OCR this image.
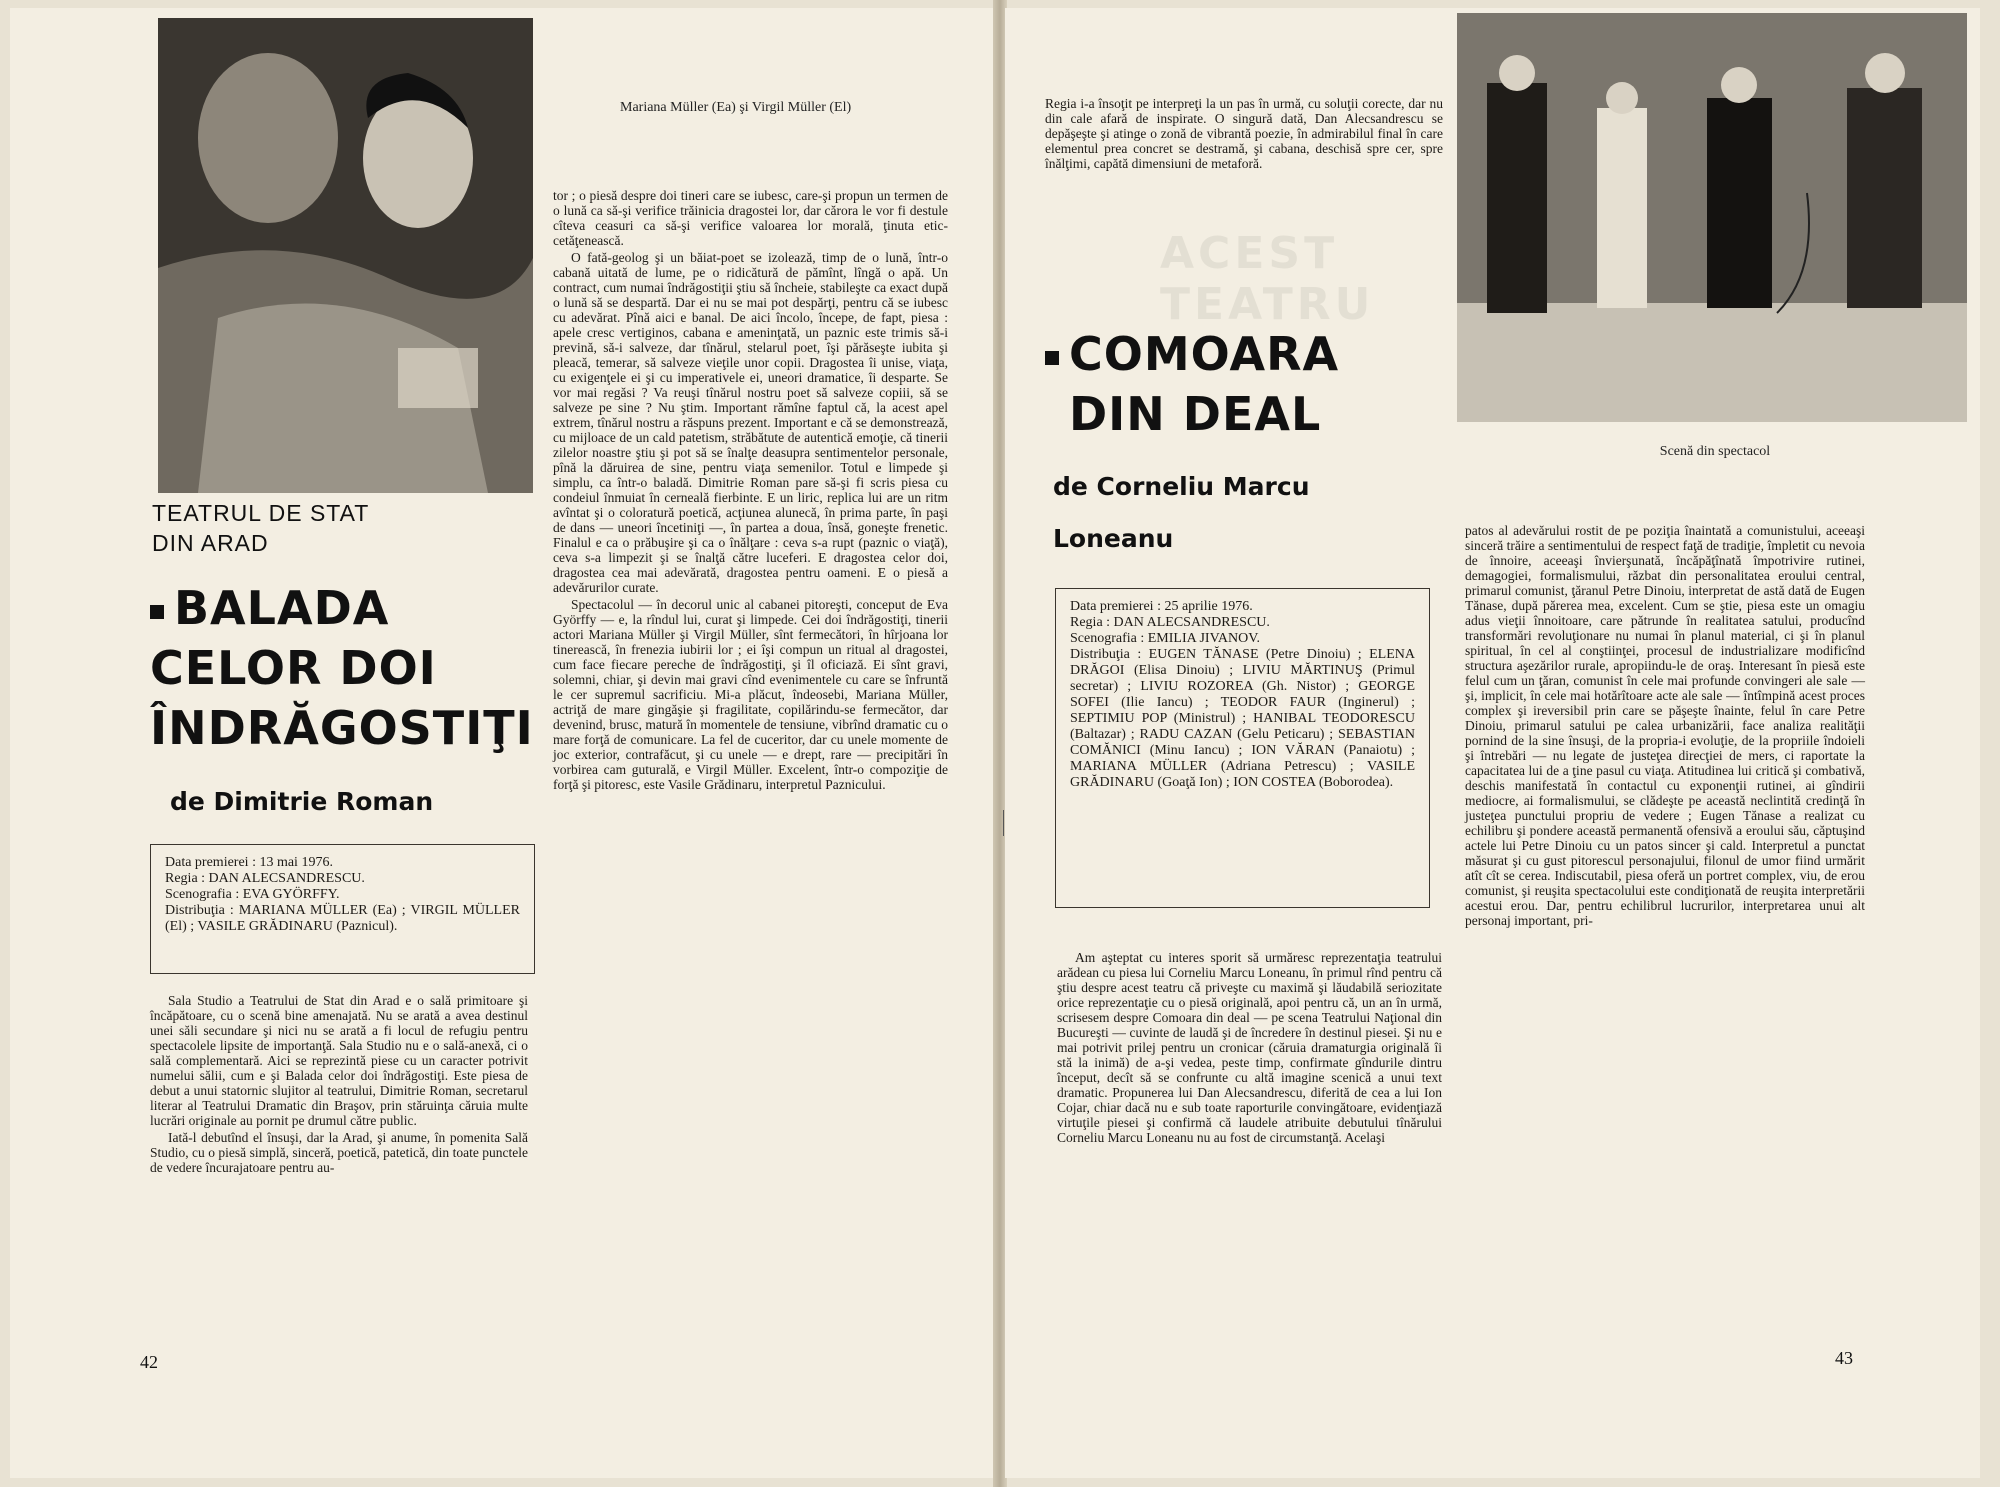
TEATRUL DE STAT DIN ARAD
BALADA
CELOR DOI
ÎNDRĂGOSTIŢI
de Dimitrie Roman
Mariana Müller (Ea) şi Virgil Müller (El)

Data premierei : 13 mai 1976.

Regia : DAN ALECSANDRESCU.

Scenografia : EVA GYÖRFFY.

Distribuţia : MARIANA MÜLLER (Ea) ; VIRGIL MÜLLER (El) ; VASILE GRĂDINARU (Paznicul).

Sala Studio a Teatrului de Stat din Arad e o sală primitoare şi încăpătoare, cu o scenă bine amenajată. Nu se arată a avea destinul unei săli secundare şi nici nu se arată a fi locul de refugiu pentru spectacolele lipsite de importanţă. Sala Studio nu e o sală-anexă, ci o sală complementară. Aici se reprezintă piese cu un caracter potrivit numelui sălii, cum e şi Balada celor doi îndrăgostiţi. Este piesa de debut a unui statornic slujitor al teatrului, Dimitrie Roman, secretarul literar al Teatrului Dramatic din Braşov, prin stăruinţa căruia multe lucrări originale au pornit pe drumul către public.

Iată-l debutînd el însuşi, dar la Arad, şi anume, în pomenita Sală Studio, cu o piesă simplă, sinceră, poetică, patetică, din toate punctele de vedere încurajatoare pentru au-

tor ; o piesă despre doi tineri care se iubesc, care-şi propun un termen de o lună ca să-şi verifice trăinicia dragostei lor, dar cărora le vor fi destule cîteva ceasuri ca să-şi verifice valoarea lor morală, ţinuta etic-cetăţenească.

O fată-geolog şi un băiat-poet se izolează, timp de o lună, într-o cabană uitată de lume, pe o ridicătură de pămînt, lîngă o apă. Un contract, cum numai îndrăgostiţii ştiu să încheie, stabileşte ca exact după o lună să se despartă. Dar ei nu se mai pot despărţi, pentru că se iubesc cu adevărat. Pînă aici e banal. De aici încolo, începe, de fapt, piesa : apele cresc vertiginos, cabana e ameninţată, un paznic este trimis să-i prevină, să-i salveze, dar tînărul, stelarul poet, îşi părăseşte iubita şi pleacă, temerar, să salveze vieţile unor copii. Dragostea îi unise, viaţa, cu exigenţele ei şi cu imperativele ei, uneori dramatice, îi desparte. Se vor mai regăsi ? Va reuşi tînărul nostru poet să salveze copiii, să se salveze pe sine ? Nu ştim. Important rămîne faptul că, la acest apel extrem, tînărul nostru a răspuns prezent. Important e că se demonstrează, cu mijloace de un cald patetism, străbătute de autentică emoţie, că tinerii zilelor noastre ştiu şi pot să se înalţe deasupra sentimentelor personale, pînă la dăruirea de sine, pentru viaţa semenilor. Totul e limpede şi simplu, ca într-o baladă. Dimitrie Roman pare să-şi fi scris piesa cu condeiul înmuiat în cerneală fierbinte. E un liric, replica lui are un ritm avîntat şi o coloratură poetică, acţiunea alunecă, în prima parte, în paşi de dans — uneori încetiniţi —, în partea a doua, însă, goneşte frenetic. Finalul e ca o prăbuşire şi ca o înălţare : ceva s-a rupt (paznic o viaţă), ceva s-a limpezit şi se înalţă către luceferi. E dragostea celor doi, dragostea cea mai adevărată, dragostea pentru oameni. E o piesă a adevărurilor curate.

Spectacolul — în decorul unic al cabanei pitoreşti, conceput de Eva Györffy — e, la rîndul lui, curat şi limpede. Cei doi îndrăgostiţi, tinerii actori Mariana Müller şi Virgil Müller, sînt fermecători, în hîrjoana lor tinerească, în frenezia iubirii lor ; ei îşi compun un ritual al dragostei, cum face fiecare pereche de îndrăgostiţi, şi îl oficiază. Ei sînt gravi, solemni, chiar, şi devin mai gravi cînd evenimentele cu care se înfruntă le cer supremul sacrificiu. Mi-a plăcut, îndeosebi, Mariana Müller, actriţă de mare gingăşie şi fragilitate, copilărindu-se fermecător, dar devenind, brusc, matură în momentele de tensiune, vibrînd dramatic cu o mare forţă de comunicare. La fel de cuceritor, dar cu unele momente de joc exterior, contrafăcut, şi cu unele — e drept, rare — precipitări în vorbirea cam guturală, e Virgil Müller. Excelent, într-o compoziţie de forţă şi pitoresc, este Vasile Grădinaru, interpretul Paznicului.

42

Regia i-a însoţit pe interpreţi la un pas în urmă, cu soluţii corecte, dar nu din cale afară de inspirate. O singură dată, Dan Alecsandrescu se depăşeşte şi atinge o zonă de vibrantă poezie, în admirabilul final în care elementul prea concret se destramă, şi cabana, deschisă spre cer, spre înălţimi, capătă dimensiuni de metaforă.

Scenă din spectacol
ACEST TEATRU
COMOARA
DIN DEAL
de Corneliu Marcu
Loneanu

Data premierei : 25 aprilie 1976.

Regia : DAN ALECSANDRESCU.

Scenografia : EMILIA JIVANOV.

Distribuţia : EUGEN TĂNASE (Petre Dinoiu) ; ELENA DRĂGOI (Elisa Dinoiu) ; LIVIU MĂRTINUŞ (Primul secretar) ; LIVIU ROZOREA (Gh. Nistor) ; GEORGE SOFEI (Ilie Iancu) ; TEODOR FAUR (Inginerul) ; SEPTIMIU POP (Ministrul) ; HANIBAL TEODORESCU (Baltazar) ; RADU CAZAN (Gelu Peticaru) ; SEBASTIAN COMĂNICI (Minu Iancu) ; ION VĂRAN (Panaiotu) ; MARIANA MÜLLER (Adriana Petrescu) ; VASILE GRĂDINARU (Goaţă Ion) ; ION COSTEA (Boborodea).

Am aşteptat cu interes sporit să urmăresc reprezentaţia teatrului arădean cu piesa lui Corneliu Marcu Loneanu, în primul rînd pentru că ştiu despre acest teatru că priveşte cu maximă şi lăudabilă seriozitate orice reprezentaţie cu o piesă originală, apoi pentru că, un an în urmă, scrisesem despre Comoara din deal — pe scena Teatrului Naţional din Bucureşti — cuvinte de laudă şi de încredere în destinul piesei. Şi nu e mai potrivit prilej pentru un cronicar (căruia dramaturgia originală îi stă la inimă) de a-şi vedea, peste timp, confirmate gîndurile dintru început, decît să se confrunte cu altă imagine scenică a unui text dramatic. Propunerea lui Dan Alecsandrescu, diferită de cea a lui Ion Cojar, chiar dacă nu e sub toate raporturile convingătoare, evidenţiază virtuţile piesei şi confirmă că laudele atribuite debutului tînărului Corneliu Marcu Loneanu nu au fost de circumstanţă. Acelaşi

patos al adevărului rostit de pe poziţia înaintată a comunistului, aceeaşi sinceră trăire a sentimentului de respect faţă de tradiţie, împletit cu nevoia de înnoire, aceeaşi învierşunată, încăpăţînată împotrivire rutinei, demagogiei, formalismului, răzbat din personalitatea eroului central, primarul comunist, ţăranul Petre Dinoiu, interpretat de astă dată de Eugen Tănase, după părerea mea, excelent. Cum se ştie, piesa este un omagiu adus vieţii înnoitoare, care pătrunde în realitatea satului, producînd transformări revoluţionare nu numai în planul material, ci şi în planul spiritual, în cel al conştiinţei, procesul de industrializare modificînd structura aşezărilor rurale, apropiindu-le de oraş. Interesant în piesă este felul cum un ţăran, comunist în cele mai profunde convingeri ale sale — şi, implicit, în cele mai hotărîtoare acte ale sale — întîmpină acest proces complex şi ireversibil prin care se păşeşte înainte, felul în care Petre Dinoiu, primarul satului pe calea urbanizării, face analiza realităţii pornind de la sine însuşi, de la propria-i evoluţie, de la propriile îndoieli şi întrebări — nu legate de justeţea direcţiei de mers, ci raportate la capacitatea lui de a ţine pasul cu viaţa. Atitudinea lui critică şi combativă, deschis manifestată în contactul cu exponenţii rutinei, ai gîndirii mediocre, ai formalismului, se clădeşte pe această neclintită credinţă în justeţea punctului propriu de vedere ; Eugen Tănase a realizat cu echilibru şi pondere această permanentă ofensivă a eroului său, căptuşind actele lui Petre Dinoiu cu un patos sincer şi cald. Interpretul a punctat măsurat şi cu gust pitorescul personajului, filonul de umor fiind urmărit atît cît se cerea. Indiscutabil, piesa oferă un portret complex, viu, de erou comunist, şi reuşita spectacolului este condiţionată de reuşita interpretării acestui erou. Dar, pentru echilibrul lucrurilor, interpretarea unui alt personaj important, pri-

43
